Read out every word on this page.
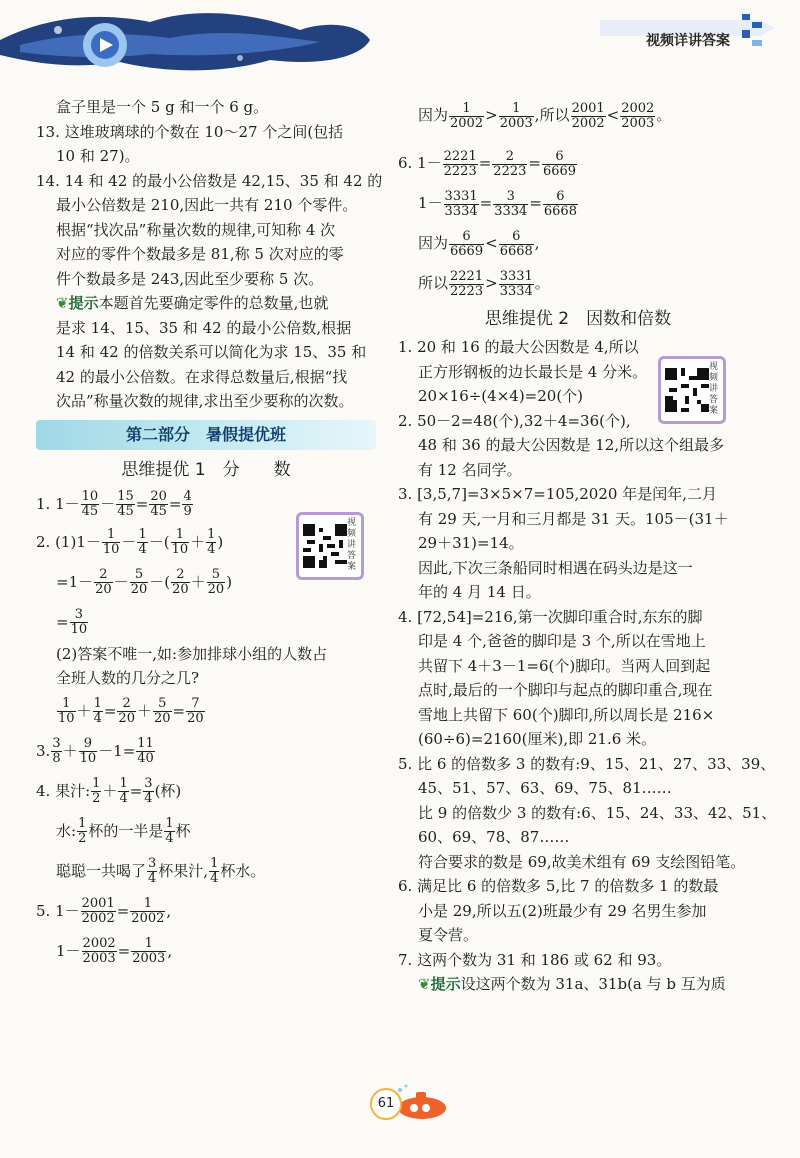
视频详讲答案
盒子里是一个 5 g 和一个 6 g。
13. 这堆玻璃球的个数在 10～27 个之间(包括
10 和 27)。
14. 14 和 42 的最小公倍数是 42,15、35 和 42 的
最小公倍数是 210,因此一共有 210 个零件。
根据“找次品”称量次数的规律,可知称 4 次
对应的零件个数最多是 81,称 5 次对应的零
件个数最多是 243,因此至少要称 5 次。
❦提示本题首先要确定零件的总数量,也就
是求 14、15、35 和 42 的最小公倍数,根据
14 和 42 的倍数关系可以简化为求 15、35 和
42 的最小公倍数。在求得总数量后,根据“找
次品”称量次数的规律,求出至少要称的次数。
第二部分　暑假提优班
思维提优 1　分　　数
1. $1- \frac{10}{45} - \frac{15}{45} = \frac{20}{45} = \frac{4}{9}$
2. $(1)1- \frac{1}{10} - \frac{1}{4}$ －( $\frac{1}{10} + \frac{1}{4}$ )
$=1- \frac{2}{20} - \frac{5}{20}$ －( $\frac{2}{20} + \frac{5}{20}$ )
= $\frac{3}{10}$
(2)答案不唯一,如:参加排球小组的人数占
全班人数的几分之几?
$\frac{1}{10} + \frac{1}{4} = \frac{2}{20} + \frac{5}{20} = \frac{7}{20}$
3. $\frac{3}{8} + \frac{9}{10} -1= \frac{11}{40}$
4. 果汁: $\frac{1}{2} + \frac{1}{4} = \frac{3}{4}$ (杯)
水: $\frac{1}{2}$ 杯的一半是 $\frac{1}{4}$ 杯
聪聪一共喝了 $\frac{3}{4}$ 杯果汁, $\frac{1}{4}$ 杯水。
5. $1- \frac{2001}{2002} = \frac{1}{2002}$ ,
$1- \frac{2002}{2003} = \frac{1}{2003}$ ,
视频讲答案
因为 $\frac{1}{2002} > \frac{1}{2003}$ ,所以 $\frac{2001}{2002} < \frac{2002}{2003}$ 。
6. $1- \frac{2221}{2223} = \frac{2}{2223} = \frac{6}{6669}$
$1- \frac{3331}{3334} = \frac{3}{3334} = \frac{6}{6668}$
因为 $\frac{6}{6669} < \frac{6}{6668}$ ,
所以 $\frac{2221}{2223} > \frac{3331}{3334}$ 。
思维提优 2　因数和倍数
1. 20 和 16 的最大公因数是 4,所以
正方形钢板的边长最长是 4 分米。
20×16÷(4×4)=20(个)
2. 50－2=48(个),32＋4=36(个),
48 和 36 的最大公因数是 12,所以这个组最多
有 12 名同学。
3. [3,5,7]=3×5×7=105,2020 年是闰年,二月
有 29 天,一月和三月都是 31 天。105－(31＋
29＋31)=14。
因此,下次三条船同时相遇在码头边是这一
年的 4 月 14 日。
4. [72,54]=216,第一次脚印重合时,东东的脚
印是 4 个,爸爸的脚印是 3 个,所以在雪地上
共留下 4＋3－1=6(个)脚印。当两人回到起
点时,最后的一个脚印与起点的脚印重合,现在
雪地上共留下 60(个)脚印,所以周长是 216×
(60÷6)=2160(厘米),即 21.6 米。
5. 比 6 的倍数多 3 的数有:9、15、21、27、33、39、
45、51、57、63、69、75、81……
比 9 的倍数少 3 的数有:6、15、24、33、42、51、
60、69、78、87……
符合要求的数是 69,故美术组有 69 支绘图铅笔。
6. 满足比 6 的倍数多 5,比 7 的倍数多 1 的数最
小是 29,所以五(2)班最少有 29 名男生参加
夏令营。
7. 这两个数为 31 和 186 或 62 和 93。
❦提示设这两个数为 31a、31b(a 与 b 互为质
视频讲答案
61
